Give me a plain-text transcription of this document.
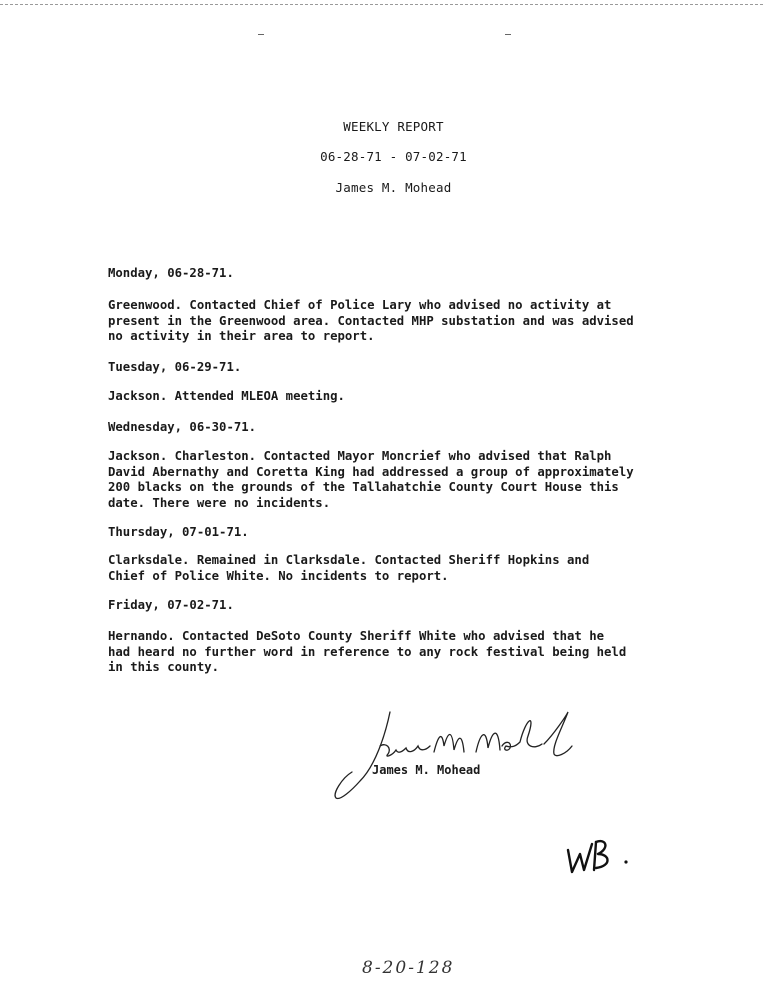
WEEKLY REPORT
06-28-71 - 07-02-71
James M. Mohead

Monday, 06-28-71.

Greenwood. Contacted Chief of Police Lary who advised no activity at
present in the Greenwood area. Contacted MHP substation and was advised
no activity in their area to report.

Tuesday, 06-29-71.

Jackson. Attended MLEOA meeting.

Wednesday, 06-30-71.

Jackson. Charleston. Contacted Mayor Moncrief who advised that Ralph
David Abernathy and Coretta King had addressed a group of approximately
200 blacks on the grounds of the Tallahatchie County Court House this
date. There were no incidents.

Thursday, 07-01-71.

Clarksdale. Remained in Clarksdale. Contacted Sheriff Hopkins and
Chief of Police White. No incidents to report.

Friday, 07-02-71.

Hernando. Contacted DeSoto County Sheriff White who advised that he
had heard no further word in reference to any rock festival being held
in this county.

James M. Mohead
8-20-128
